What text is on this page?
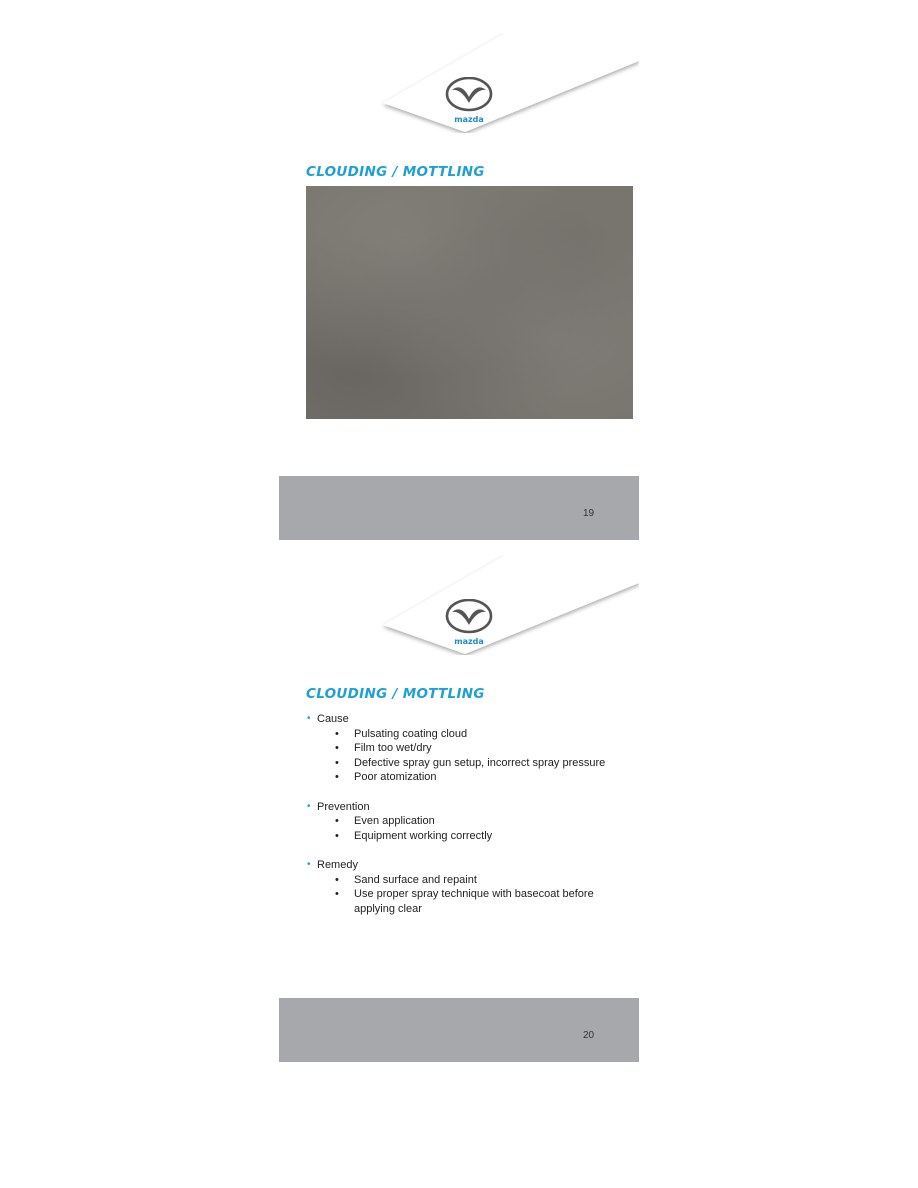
mazda
CLOUDING / MOTTLING
19
mazda
CLOUDING / MOTTLING
• Cause
• Pulsating coating cloud
• Film too wet/dry
• Defective spray gun setup, incorrect spray pressure
• Poor atomization
• Prevention
• Even application
• Equipment working correctly
• Remedy
• Sand surface and repaint
• Use proper spray technique with basecoat before applying clear
20
